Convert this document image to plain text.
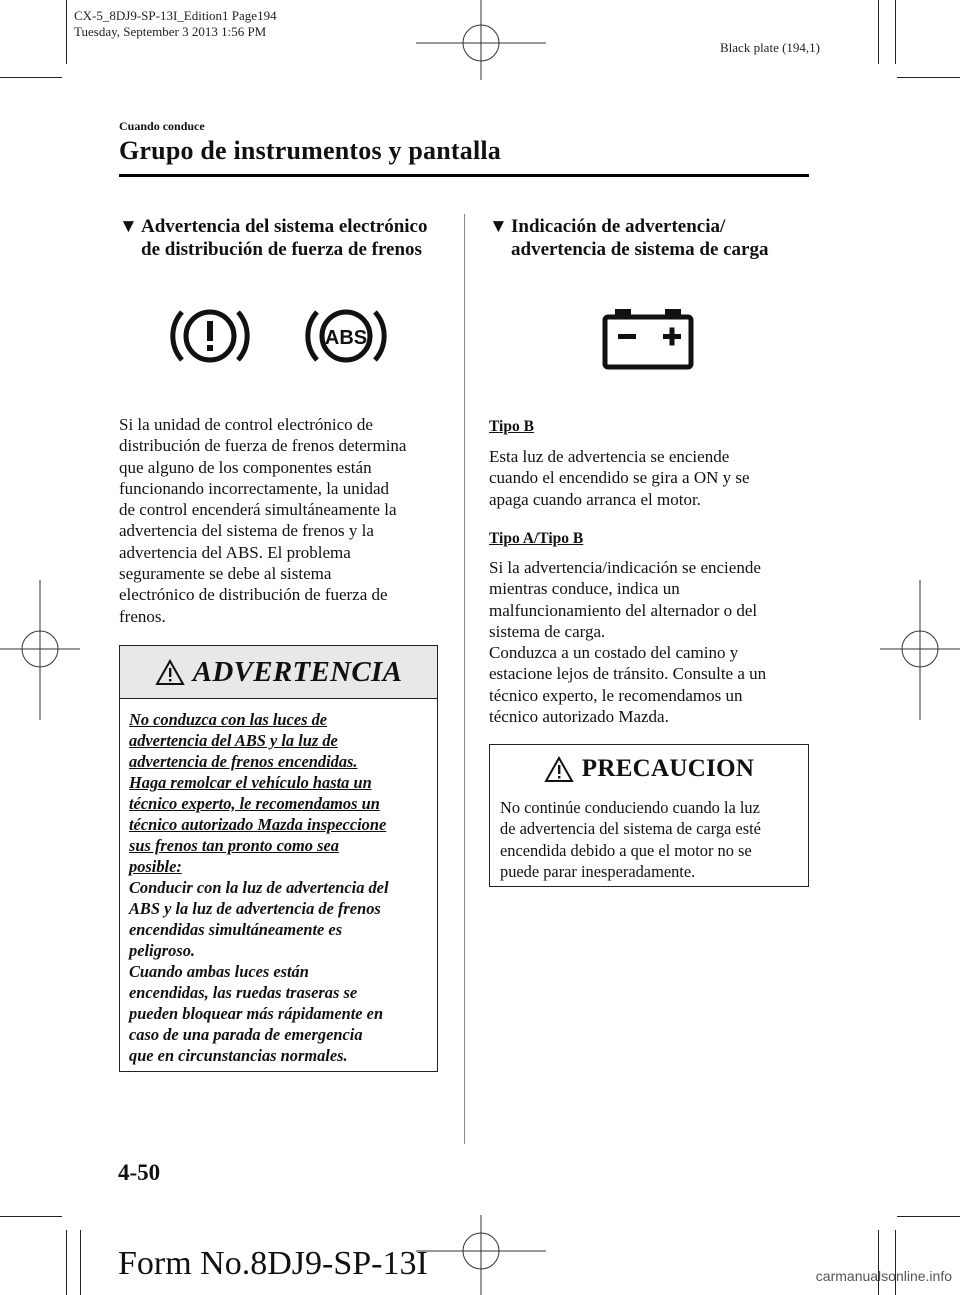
CX-5_8DJ9-SP-13I_Edition1 Page194
Tuesday, September 3 2013 1:56 PM
Black plate (194,1)
Cuando conduce
Grupo de instrumentos y pantalla
▼ Advertencia del sistema electrónico
de distribución de fuerza de frenos
ABS
Si la unidad de control electrónico de
distribución de fuerza de frenos determina
que alguno de los componentes están
funcionando incorrectamente, la unidad
de control encenderá simultáneamente la
advertencia del sistema de frenos y la
advertencia del ABS. El problema
seguramente se debe al sistema
electrónico de distribución de fuerza de
frenos.
ADVERTENCIA
No conduzca con las luces de
advertencia del ABS y la luz de
advertencia de frenos encendidas.
Haga remolcar el vehículo hasta un
técnico experto, le recomendamos un
técnico autorizado Mazda inspeccione
sus frenos tan pronto como sea
posible:
Conducir con la luz de advertencia del
ABS y la luz de advertencia de frenos
encendidas simultáneamente es
peligroso.
Cuando ambas luces están
encendidas, las ruedas traseras se
pueden bloquear más rápidamente en
caso de una parada de emergencia
que en circunstancias normales.
▼ Indicación de advertencia/
advertencia de sistema de carga
Tipo B
Esta luz de advertencia se enciende
cuando el encendido se gira a ON y se
apaga cuando arranca el motor.
Tipo A/Tipo B
Si la advertencia/indicación se enciende
mientras conduce, indica un
malfuncionamiento del alternador o del
sistema de carga.
Conduzca a un costado del camino y
estacione lejos de tránsito. Consulte a un
técnico experto, le recomendamos un
técnico autorizado Mazda.
PRECAUCION
No continúe conduciendo cuando la luz
de advertencia del sistema de carga esté
encendida debido a que el motor no se
puede parar inesperadamente.
4-50
Form No.8DJ9-SP-13I	carmanualsonline.info
